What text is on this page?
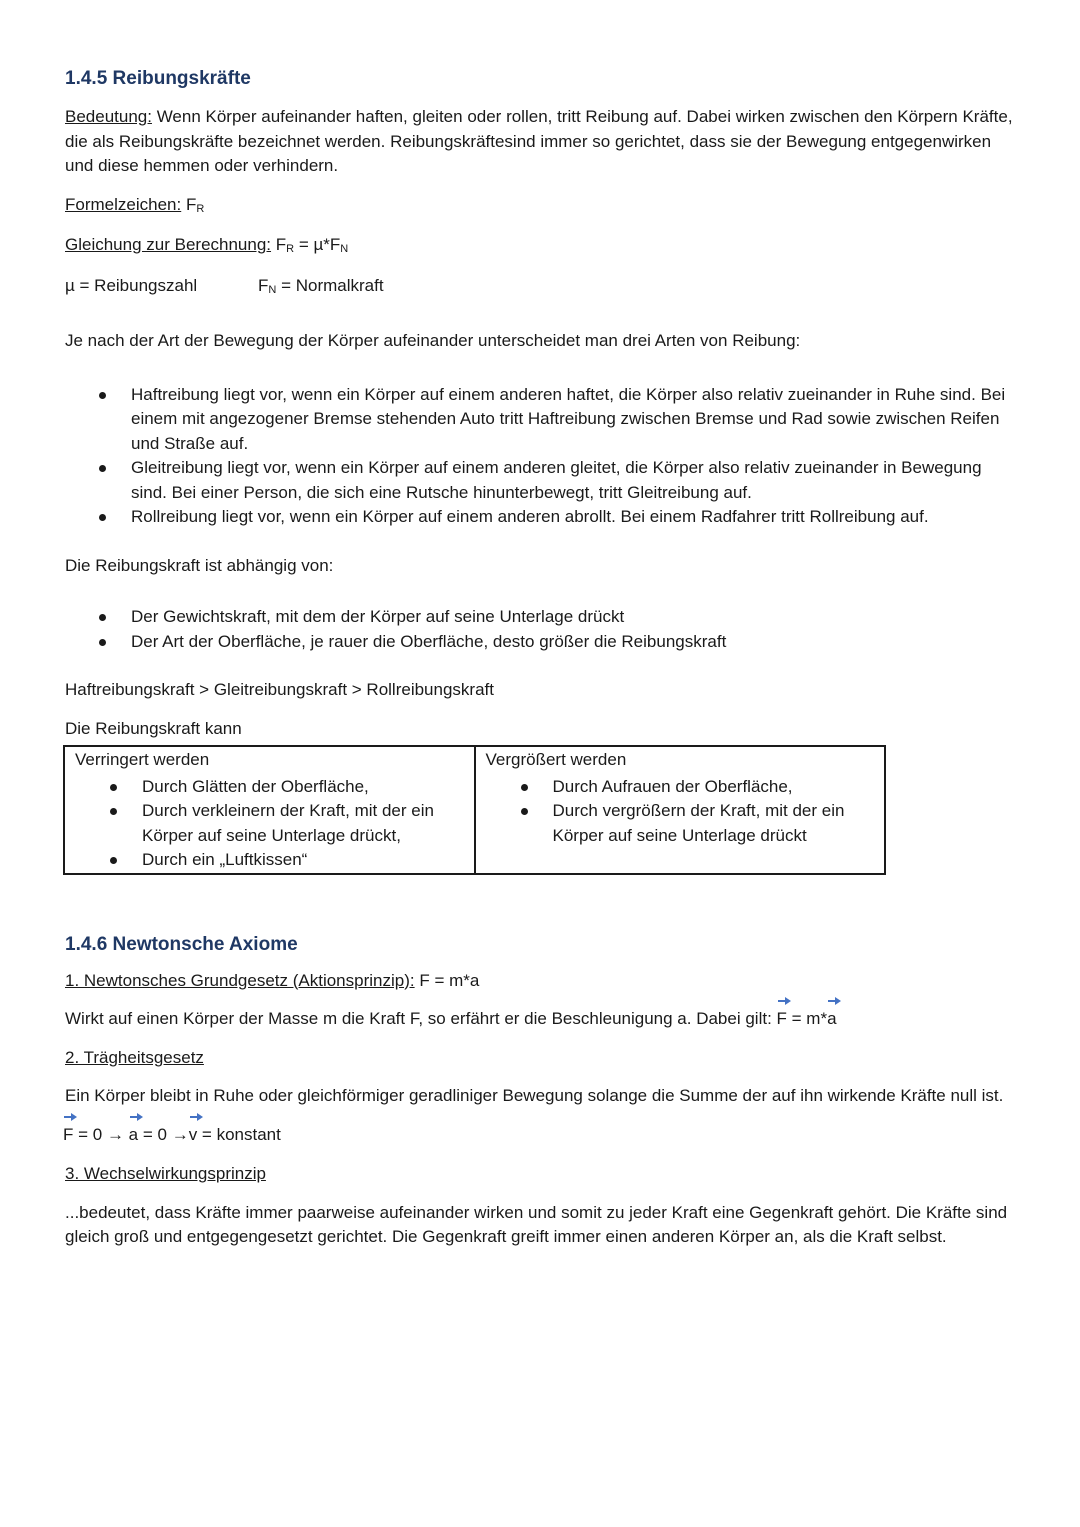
1.4.5 Reibungskräfte

Bedeutung: Wenn Körper aufeinander haften, gleiten oder rollen, tritt Reibung auf. Dabei wirken zwischen den Körpern Kräfte, die als Reibungskräfte bezeichnet werden. Reibungskräftesind immer so gerichtet, dass sie der Bewegung entgegenwirken und diese hemmen oder verhindern.

Formelzeichen: FR

Gleichung zur Berechnung: FR = µ*FN

µ = Reibungszahl	FN = Normalkraft

Je nach der Art der Bewegung der Körper aufeinander unterscheidet man drei Arten von Reibung:

Haftreibung liegt vor, wenn ein Körper auf einem anderen haftet, die Körper also relativ zueinander in Ruhe sind. Bei einem mit angezogener Bremse stehenden Auto tritt Haftreibung zwischen Bremse und Rad sowie zwischen Reifen und Straße auf.
Gleitreibung liegt vor, wenn ein Körper auf einem anderen gleitet, die Körper also relativ zueinander in Bewegung sind. Bei einer Person, die sich eine Rutsche hinunterbewegt, tritt Gleitreibung auf.
Rollreibung liegt vor, wenn ein Körper auf einem anderen abrollt. Bei einem Radfahrer tritt Rollreibung auf.

Die Reibungskraft ist abhängig von:

Der Gewichtskraft, mit dem der Körper auf seine Unterlage drückt
Der Art der Oberfläche, je rauer die Oberfläche, desto größer die Reibungskraft

Haftreibungskraft > Gleitreibungskraft > Rollreibungskraft

Die Reibungskraft kann

Verringert werden
Durch Glätten der Oberfläche,
Durch verkleinern der Kraft, mit der ein Körper auf seine Unterlage drückt,
Durch ein „Luftkissen“

Vergrößert werden
Durch Aufrauen der Oberfläche,
Durch vergrößern der Kraft, mit der ein Körper auf seine Unterlage drückt
1.4.6 Newtonsche Axiome

1. Newtonsches Grundgesetz (Aktionsprinzip): F = m*a

Wirkt auf einen Körper der Masse m die Kraft F, so erfährt er die Beschleunigung a. Dabei gilt: F = m*a

2. Trägheitsgesetz

Ein Körper bleibt in Ruhe oder gleichförmiger geradliniger Bewegung solange die Summe der auf ihn wirkende Kräfte null ist.

F = 0 → a = 0 →v = konstant

3. Wechselwirkungsprinzip

...bedeutet, dass Kräfte immer paarweise aufeinander wirken und somit zu jeder Kraft eine Gegenkraft gehört. Die Kräfte sind gleich groß und entgegengesetzt gerichtet. Die Gegenkraft greift immer einen anderen Körper an, als die Kraft selbst.
